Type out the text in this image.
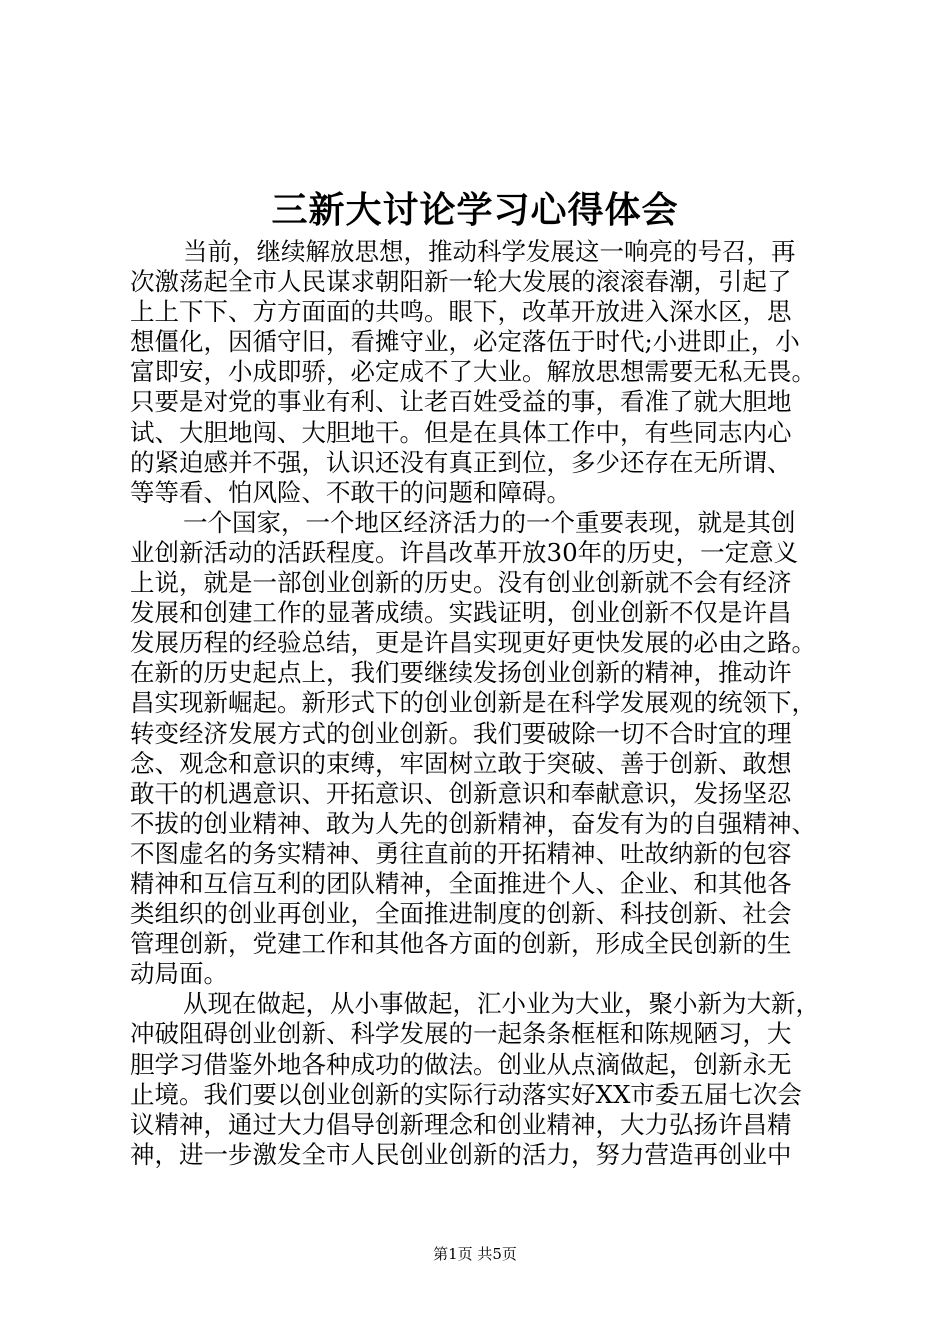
三新大讨论学习心得体会
当前，继续解放思想，推动科学发展这一响亮的号召，再
次激荡起全市人民谋求朝阳新一轮大发展的滚滚春潮，引起了
上上下下、方方面面的共鸣。眼下，改革开放进入深水区，思
想僵化，因循守旧，看摊守业，必定落伍于时代;小进即止，小
富即安，小成即骄，必定成不了大业。解放思想需要无私无畏。
只要是对党的事业有利、让老百姓受益的事，看准了就大胆地
试、大胆地闯、大胆地干。但是在具体工作中，有些同志内心
的紧迫感并不强，认识还没有真正到位，多少还存在无所谓、
等等看、怕风险、不敢干的问题和障碍。
一个国家，一个地区经济活力的一个重要表现，就是其创
业创新活动的活跃程度。许昌改革开放30年的历史，一定意义
上说，就是一部创业创新的历史。没有创业创新就不会有经济
发展和创建工作的显著成绩。实践证明，创业创新不仅是许昌
发展历程的经验总结，更是许昌实现更好更快发展的必由之路。
在新的历史起点上，我们要继续发扬创业创新的精神，推动许
昌实现新崛起。新形式下的创业创新是在科学发展观的统领下，
转变经济发展方式的创业创新。我们要破除一切不合时宜的理
念、观念和意识的束缚，牢固树立敢于突破、善于创新、敢想
敢干的机遇意识、开拓意识、创新意识和奉献意识，发扬坚忍
不拔的创业精神、敢为人先的创新精神，奋发有为的自强精神、
不图虚名的务实精神、勇往直前的开拓精神、吐故纳新的包容
精神和互信互利的团队精神，全面推进个人、企业、和其他各
类组织的创业再创业，全面推进制度的创新、科技创新、社会
管理创新，党建工作和其他各方面的创新，形成全民创新的生
动局面。
从现在做起，从小事做起，汇小业为大业，聚小新为大新，
冲破阻碍创业创新、科学发展的一起条条框框和陈规陋习，大
胆学习借鉴外地各种成功的做法。创业从点滴做起，创新永无
止境。我们要以创业创新的实际行动落实好XX市委五届七次会
议精神，通过大力倡导创新理念和创业精神，大力弘扬许昌精
神，进一步激发全市人民创业创新的活力，努力营造再创业中
第1页 共5页
